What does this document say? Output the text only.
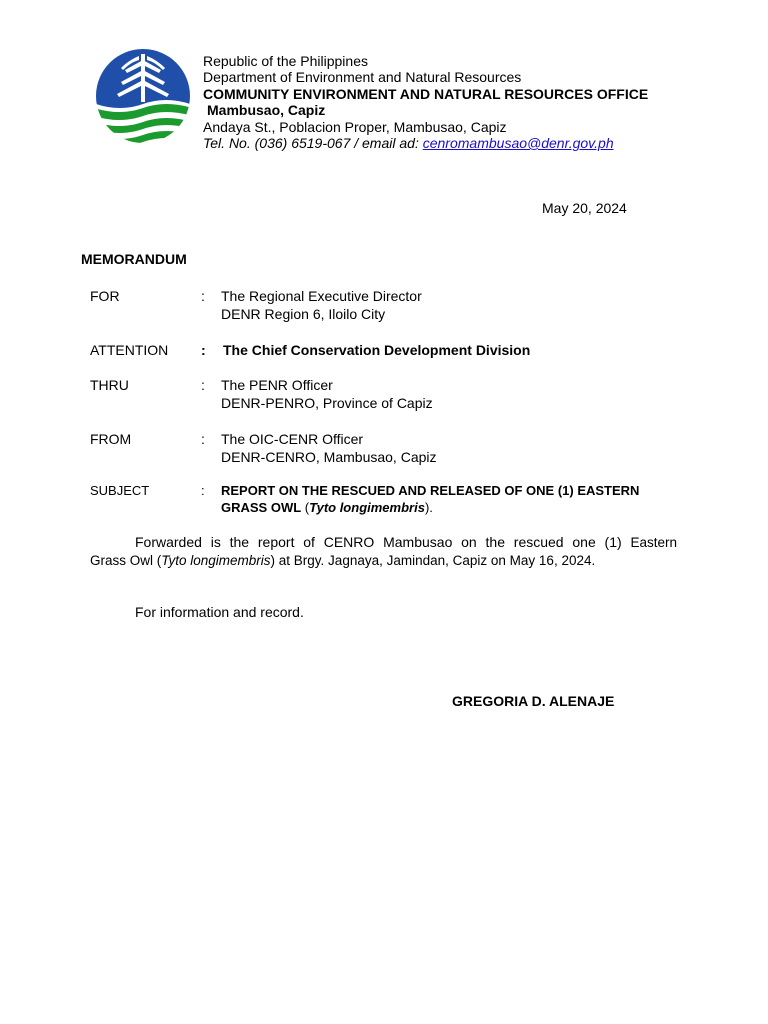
Republic of the Philippines
Department of Environment and Natural Resources
COMMUNITY ENVIRONMENT AND NATURAL RESOURCES OFFICE
Mambusao, Capiz
Andaya St., Poblacion Proper, Mambusao, Capiz
Tel. No. (036) 6519-067 / email ad: cenromambusao@denr.gov.ph
May 20, 2024
MEMORANDUM
FOR	: The Regional Executive Director
DENR Region 6, Iloilo City
ATTENTION : The Chief Conservation Development Division
THRU	: The PENR Officer
DENR-PENRO, Province of Capiz
FROM	: The OIC-CENR Officer
DENR-CENRO, Mambusao, Capiz
SUBJECT	: REPORT ON THE RESCUED AND RELEASED OF ONE (1) EASTERN
GRASS OWL (Tyto longimembris).
Forwarded is the report of CENRO Mambusao on the rescued one (1) Eastern
Grass Owl (Tyto longimembris) at Brgy. Jagnaya, Jamindan, Capiz on May 16, 2024.
For information and record.
GREGORIA D. ALENAJE
